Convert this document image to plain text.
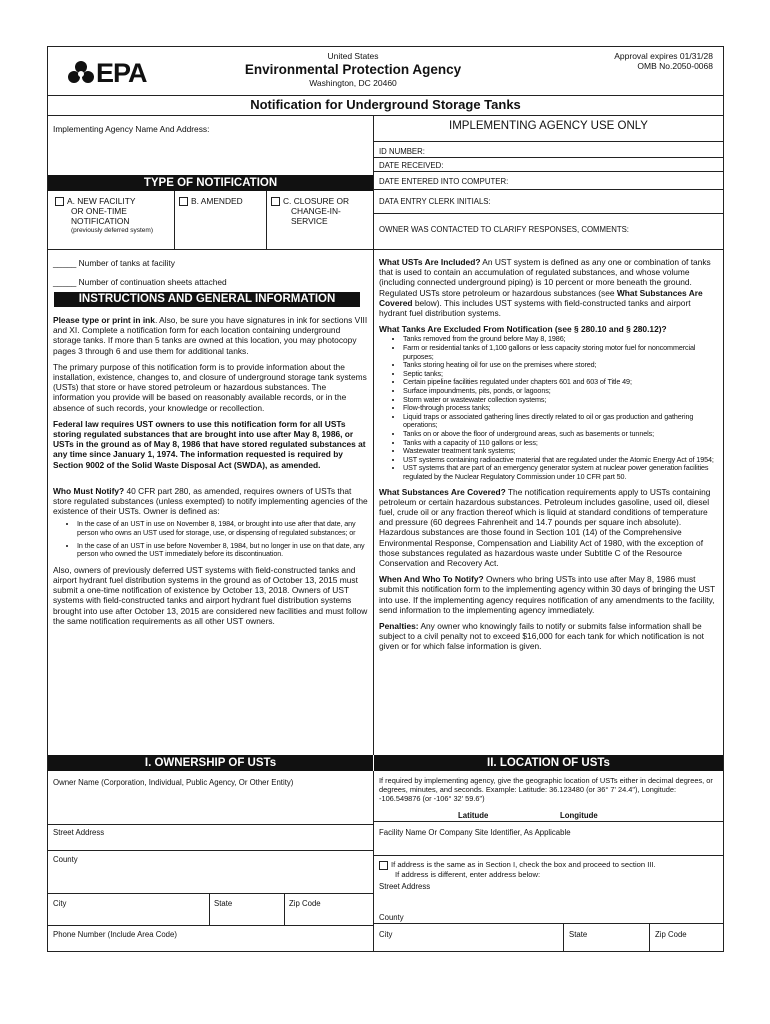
EPA
United States
Environmental Protection Agency
Washington, DC 20460
Approval expires 01/31/28
OMB No.2050-0068
Notification for Underground Storage Tanks
Implementing Agency Name And Address:	IMPLEMENTING AGENCY USE ONLY
ID NUMBER:
DATE RECEIVED:
DATE ENTERED INTO COMPUTER:
DATA ENTRY CLERK INITIALS:
OWNER WAS CONTACTED TO CLARIFY RESPONSES, COMMENTS:
TYPE OF NOTIFICATION
A. NEW FACILITY
OR ONE-TIME
NOTIFICATION
(previously deferred system)
B. AMENDED	C. CLOSURE OR
CHANGE-IN-
SERVICE
_____ Number of tanks at facility
_____ Number of continuation sheets attached
INSTRUCTIONS AND GENERAL INFORMATION

Please type or print in ink. Also, be sure you have signatures in ink for sections VIII and XI. Complete a notification form for each location containing underground storage tanks. If more than 5 tanks are owned at this location, you may photocopy pages 3 through 6 and use them for additional tanks.

The primary purpose of this notification form is to provide information about the installation, existence, changes to, and closure of underground storage tank systems (USTs) that store or have stored petroleum or hazardous substances. The information you provide will be based on reasonably available records, or in the absence of such records, your knowledge or recollection.

Federal law requires UST owners to use this notification form for all USTs storing regulated substances that are brought into use after May 8, 1986, or USTs in the ground as of May 8, 1986 that have stored regulated substances at any time since January 1, 1974. The information requested is required by Section 9002 of the Solid Waste Disposal Act (SWDA), as amended.

Who Must Notify? 40 CFR part 280, as amended, requires owners of USTs that store regulated substances (unless exempted) to notify implementing agencies of the existence of their USTs. Owner is defined as:

• In the case of an UST in use on November 8, 1984, or brought into use after that date, any person who owns an UST used for storage, use, or dispensing of regulated substances; or
• In the case of an UST in use before November 8, 1984, but no longer in use on that date, any person who owned the UST immediately before its discontinuation.

Also, owners of previously deferred UST systems with field-constructed tanks and airport hydrant fuel distribution systems in the ground as of October 13, 2015 must submit a one-time notification of existence by October 13, 2018. Owners of UST systems with field-constructed tanks and airport hydrant fuel distribution systems brought into use after October 13, 2015 are considered new facilities and must follow the same notification requirements as all other UST owners.

What USTs Are Included? An UST system is defined as any one or combination of tanks that is used to contain an accumulation of regulated substances, and whose volume (including connected underground piping) is 10 percent or more beneath the ground. Regulated USTs store petroleum or hazardous substances (see What Substances Are Covered below). This includes UST systems with field-constructed tanks and airport hydrant fuel distribution systems.

What Tanks Are Excluded From Notification (see § 280.10 and § 280.12)?

• Tanks removed from the ground before May 8, 1986;
• Farm or residential tanks of 1,100 gallons or less capacity storing motor fuel for noncommercial purposes;
• Tanks storing heating oil for use on the premises where stored;
• Septic tanks;
• Certain pipeline facilities regulated under chapters 601 and 603 of Title 49;
• Surface impoundments, pits, ponds, or lagoons;
• Storm water or wastewater collection systems;
• Flow-through process tanks;
• Liquid traps or associated gathering lines directly related to oil or gas production and gathering operations;
• Tanks on or above the floor of underground areas, such as basements or tunnels;
• Tanks with a capacity of 110 gallons or less;
• Wastewater treatment tank systems;
• UST systems containing radioactive material that are regulated under the Atomic Energy Act of 1954;
• UST systems that are part of an emergency generator system at nuclear power generation facilities regulated by the Nuclear Regulatory Commission under 10 CFR part 50.

What Substances Are Covered? The notification requirements apply to USTs containing petroleum or certain hazardous substances. Petroleum includes gasoline, used oil, diesel fuel, crude oil or any fraction thereof which is liquid at standard conditions of temperature and pressure (60 degrees Fahrenheit and 14.7 pounds per square inch absolute). Hazardous substances are those found in Section 101 (14) of the Comprehensive Environmental Response, Compensation and Liability Act of 1980, with the exception of those substances regulated as hazardous waste under Subtitle C of the Resource Conservation and Recovery Act.

When And Who To Notify? Owners who bring USTs into use after May 8, 1986 must submit this notification form to the implementing agency within 30 days of bringing the UST into use. If the implementing agency requires notification of any amendments to the facility, send information to the implementing agency immediately.

Penalties: Any owner who knowingly fails to notify or submits false information shall be subject to a civil penalty not to exceed $16,000 for each tank for which notification is not given or for which false information is given.

I. OWNERSHIP OF USTs	II. LOCATION OF USTs
Owner Name (Corporation, Individual, Public Agency, Or Other Entity)
Street Address
County
City	State	Zip Code
Phone Number (Include Area Code)
If required by implementing agency, give the geographic location of USTs either in decimal degrees, or degrees, minutes, and seconds. Example: Latitude: 36.123480 (or 36° 7' 24.4"), Longitude: -106.549876 (or -106° 32' 59.6")
Latitude	Longitude
Facility Name Or Company Site Identifier, As Applicable
If address is the same as in Section I, check the box and proceed to section III.
If address is different, enter address below:
Street Address
County
City	State	Zip Code
